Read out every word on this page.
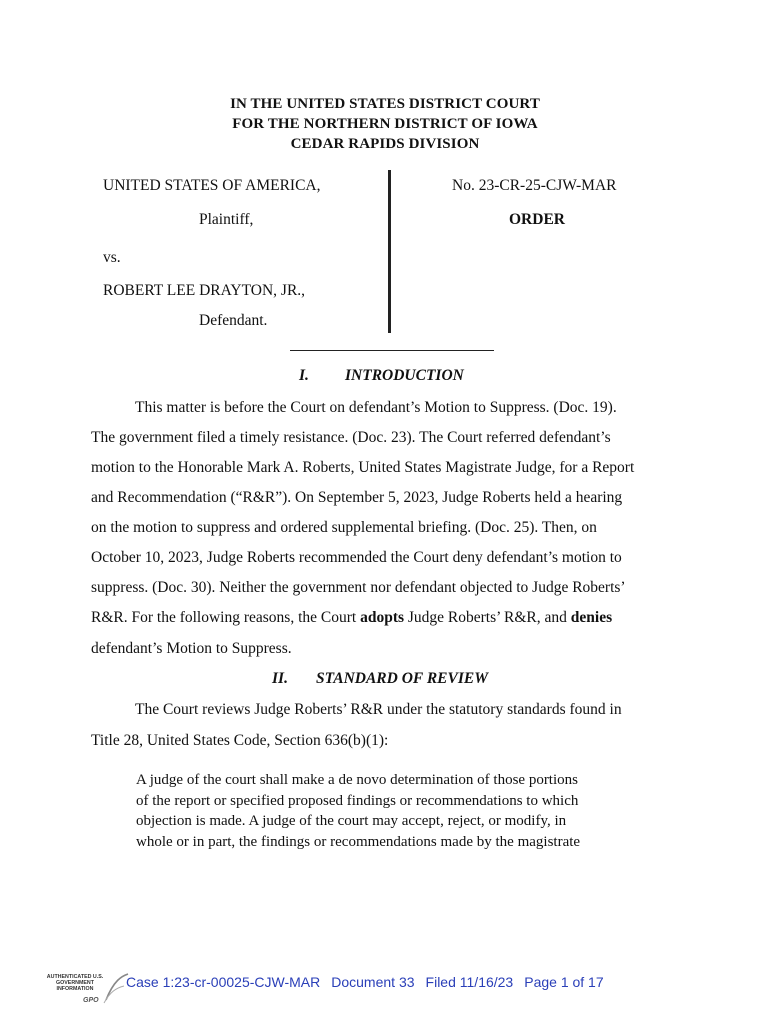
IN THE UNITED STATES DISTRICT COURT
FOR THE NORTHERN DISTRICT OF IOWA
CEDAR RAPIDS DIVISION
UNITED STATES OF AMERICA,
Plaintiff,
vs.
ROBERT LEE DRAYTON, JR.,
Defendant.
No. 23-CR-25-CJW-MAR
ORDER
I. INTRODUCTION
This matter is before the Court on defendant’s Motion to Suppress. (Doc. 19).
The government filed a timely resistance. (Doc. 23). The Court referred defendant’s
motion to the Honorable Mark A. Roberts, United States Magistrate Judge, for a Report
and Recommendation (“R&R”). On September 5, 2023, Judge Roberts held a hearing
on the motion to suppress and ordered supplemental briefing. (Doc. 25). Then, on
October 10, 2023, Judge Roberts recommended the Court deny defendant’s motion to
suppress. (Doc. 30). Neither the government nor defendant objected to Judge Roberts’
R&R. For the following reasons, the Court adopts Judge Roberts’ R&R, and denies
defendant’s Motion to Suppress.
II. STANDARD OF REVIEW
The Court reviews Judge Roberts’ R&R under the statutory standards found in
Title 28, United States Code, Section 636(b)(1):
A judge of the court shall make a de novo determination of those portions
of the report or specified proposed findings or recommendations to which
objection is made. A judge of the court may accept, reject, or modify, in
whole or in part, the findings or recommendations made by the magistrate
AUTHENTICATED U.S. GOVERNMENT INFORMATION
GPO
Case 1:23-cr-00025-CJW-MAR Document 33 Filed 11/16/23 Page 1 of 17
